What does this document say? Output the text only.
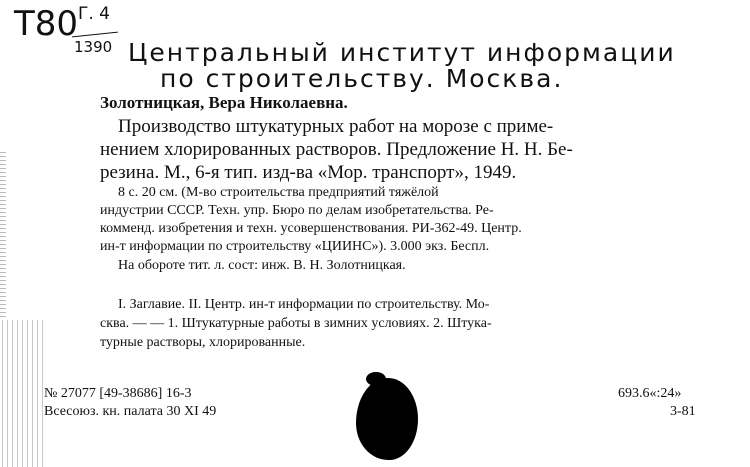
T80 Г. 4
1390 Центральный институт информации
по строительству. Москва.
Золотницкая, Вера Николаевна.
Производство штукатурных работ на морозе с приме-
нением хлорированных растворов. Предложение Н. Н. Бе-
резина. М., 6-я тип. изд-ва «Мор. транспорт», 1949.
8 с. 20 см. (М-во строительства предприятий тяжёлой
индустрии СССР. Техн. упр. Бюро по делам изобретательства. Ре-
комменд. изобретения и техн. усовершенствования. РИ-362-49. Центр.
ин-т информации по строительству «ЦИИНС»). 3.000 экз. Беспл.
На обороте тит. л. сост: инж. В. Н. Золотницкая.
I. Заглавие. II. Центр. ин-т информации по строительству. Мо-
сква. — — 1. Штукатурные работы в зимних условиях. 2. Штука-
турные растворы, хлорированные.
№ 27077 [49-38686] 16-3
Всесоюз. кн. палата 30 XI 49
693.6«:24»
3-81
